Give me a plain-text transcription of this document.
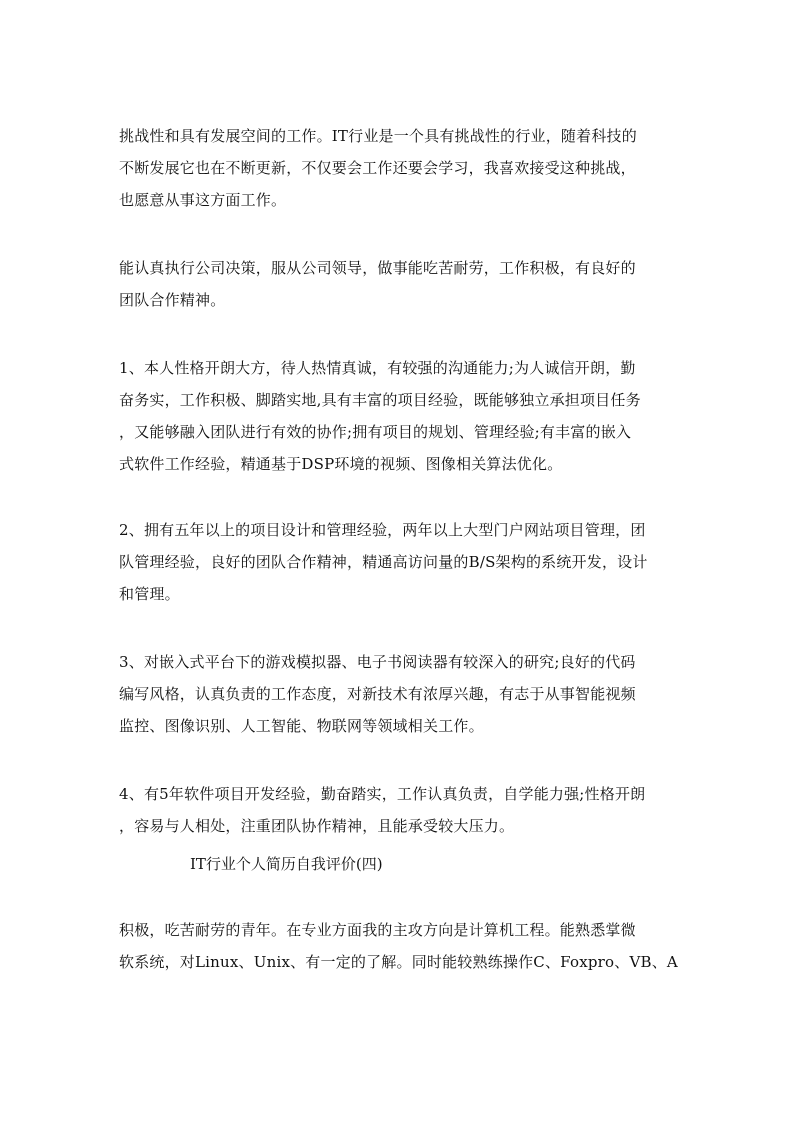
挑战性和具有发展空间的工作。IT行业是一个具有挑战性的行业，随着科技的
不断发展它也在不断更新，不仅要会工作还要会学习，我喜欢接受这种挑战，
也愿意从事这方面工作。
能认真执行公司决策，服从公司领导，做事能吃苦耐劳，工作积极，有良好的
团队合作精神。
1、本人性格开朗大方，待人热情真诚，有较强的沟通能力;为人诚信开朗，勤
奋务实，工作积极、脚踏实地,具有丰富的项目经验，既能够独立承担项目任务
，又能够融入团队进行有效的协作;拥有项目的规划、管理经验;有丰富的嵌入
式软件工作经验，精通基于DSP环境的视频、图像相关算法优化。
2、拥有五年以上的项目设计和管理经验，两年以上大型门户网站项目管理，团
队管理经验，良好的团队合作精神，精通高访问量的B/S架构的系统开发，设计
和管理。
3、对嵌入式平台下的游戏模拟器、电子书阅读器有较深入的研究;良好的代码
编写风格，认真负责的工作态度，对新技术有浓厚兴趣，有志于从事智能视频
监控、图像识别、人工智能、物联网等领域相关工作。
4、有5年软件项目开发经验，勤奋踏实，工作认真负责，自学能力强;性格开朗
，容易与人相处，注重团队协作精神，且能承受较大压力。

IT行业个人简历自我评价(四)

积极，吃苦耐劳的青年。在专业方面我的主攻方向是计算机工程。能熟悉掌微
软系统，对Linux、Unix、有一定的了解。同时能较熟练操作C、Foxpro、VB、A
